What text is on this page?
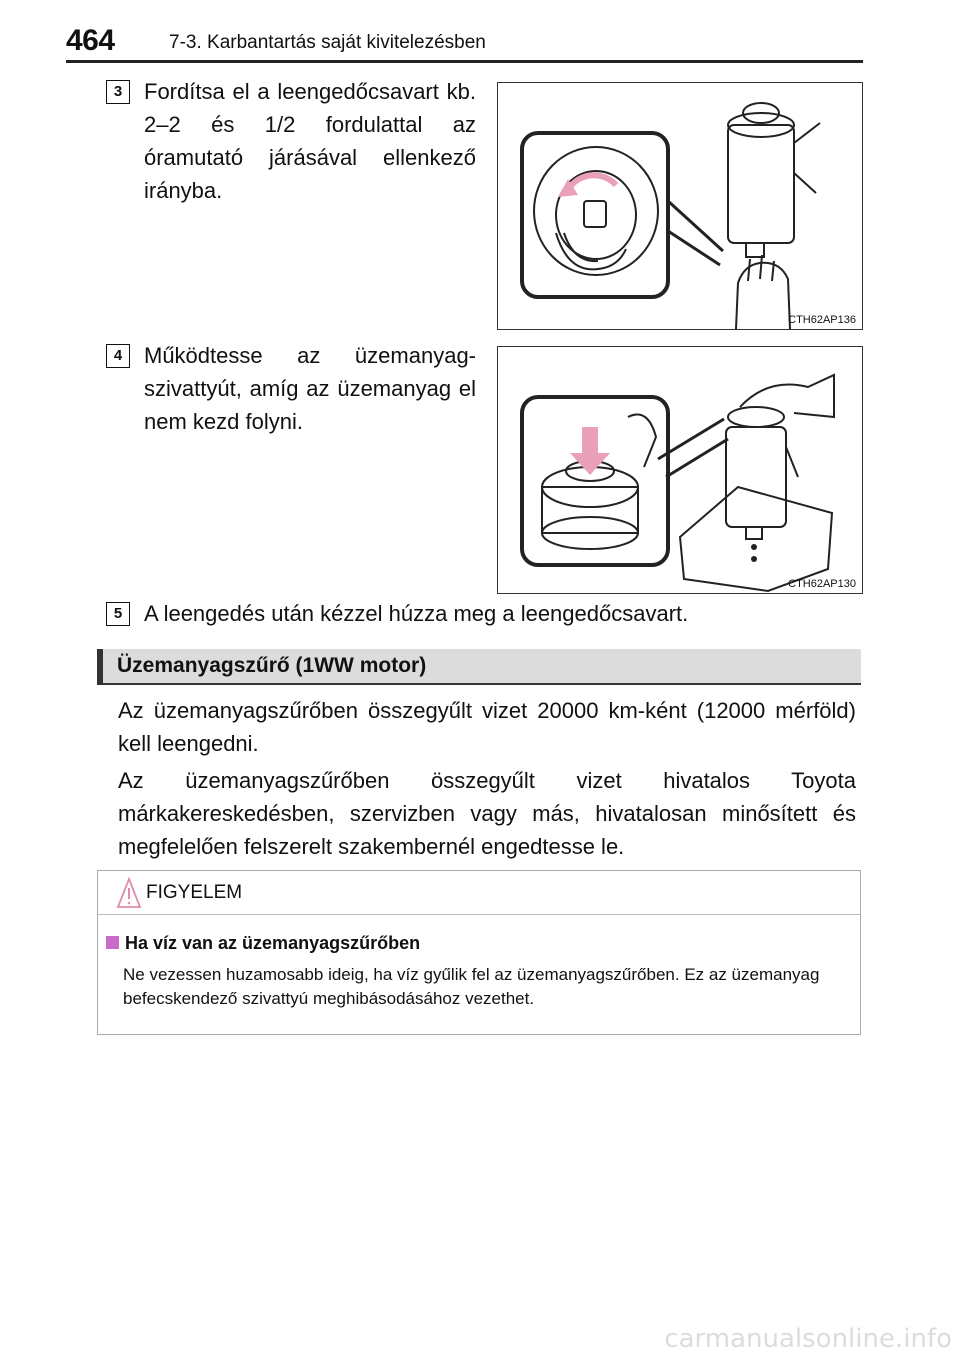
464	7-3. Karbantartás saját kivitelezésben
3 Fordítsa el a leengedőcsavart kb. 2–2 és 1/2 fordulattal az óramutató járásával ellenkező irányba.
CTH62AP136
4 Működtesse az üzemanyag-szivattyút, amíg az üzemanyag el nem kezd folyni.
CTH62AP130
5 A leengedés után kézzel húzza meg a leengedőcsavart.
Üzemanyagszűrő (1WW motor)
Az üzemanyagszűrőben összegyűlt vizet 20000 km-ként (12000 mérföld) kell leengedni.
Az üzemanyagszűrőben összegyűlt vizet hivatalos Toyota márkakereskedésben, szervizben vagy más, hivatalosan minősített és megfelelően felszerelt szakembernél engedtesse le.
FIGYELEM
Ha víz van az üzemanyagszűrőben
Ne vezessen huzamosabb ideig, ha víz gyűlik fel az üzemanyagszűrőben. Ez az üzemanyag befecskendező szivattyú meghibásodásához vezethet.
carmanualsonline.info
